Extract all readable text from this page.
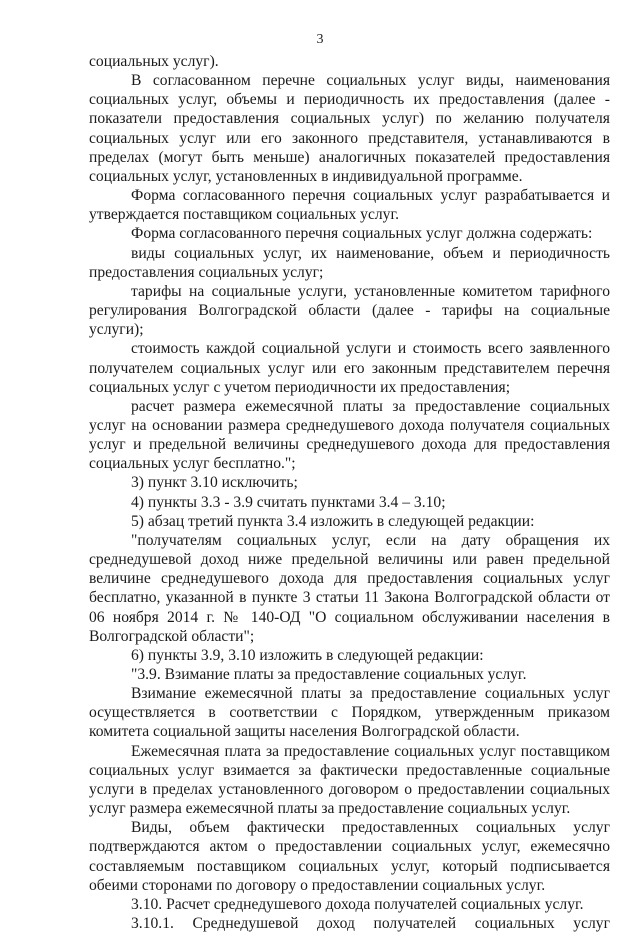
3

социальных услуг).

В согласованном перечне социальных услуг виды, наименования социальных услуг, объемы и периодичность их предоставления (далее - показатели предоставления социальных услуг) по желанию получателя социальных услуг или его законного представителя, устанавливаются в пределах (могут быть меньше) аналогичных показателей предоставления социальных услуг, установленных в индивидуальной программе.

Форма согласованного перечня социальных услуг разрабатывается и утверждается поставщиком социальных услуг.

Форма согласованного перечня социальных услуг должна содержать:

виды социальных услуг, их наименование, объем и периодичность предоставления социальных услуг;

тарифы на социальные услуги, установленные комитетом тарифного регулирования Волгоградской области (далее - тарифы на социальные услуги);

стоимость каждой социальной услуги и стоимость всего заявленного получателем социальных услуг или его законным представителем перечня социальных услуг с учетом периодичности их предоставления;

расчет размера ежемесячной платы за предоставление социальных услуг на основании размера среднедушевого дохода получателя социальных услуг и предельной величины среднедушевого дохода для предоставления социальных услуг бесплатно.";

3) пункт 3.10 исключить;

4) пункты 3.3 - 3.9 считать пунктами 3.4 – 3.10;

5) абзац третий пункта 3.4 изложить в следующей редакции:

"получателям социальных услуг, если на дату обращения их среднедушевой доход ниже предельной величины или равен предельной величине среднедушевого дохода для предоставления социальных услуг бесплатно, указанной в пункте 3 статьи 11 Закона Волгоградской области от 06 ноября 2014 г. № 140-ОД "О социальном обслуживании населения в Волгоградской области";

6) пункты 3.9, 3.10 изложить в следующей редакции:

"3.9. Взимание платы за предоставление социальных услуг.

Взимание ежемесячной платы за предоставление социальных услуг осуществляется в соответствии с Порядком, утвержденным приказом комитета социальной защиты населения Волгоградской области.

Ежемесячная плата за предоставление социальных услуг поставщиком социальных услуг взимается за фактически предоставленные социальные услуги в пределах установленного договором о предоставлении социальных услуг размера ежемесячной платы за предоставление социальных услуг.

Виды, объем фактически предоставленных социальных услуг подтверждаются актом о предоставлении социальных услуг, ежемесячно составляемым поставщиком социальных услуг, который подписывается обеими сторонами по договору о предоставлении социальных услуг.

3.10. Расчет среднедушевого дохода получателей социальных услуг.

3.10.1. Среднедушевой доход получателей социальных услуг
